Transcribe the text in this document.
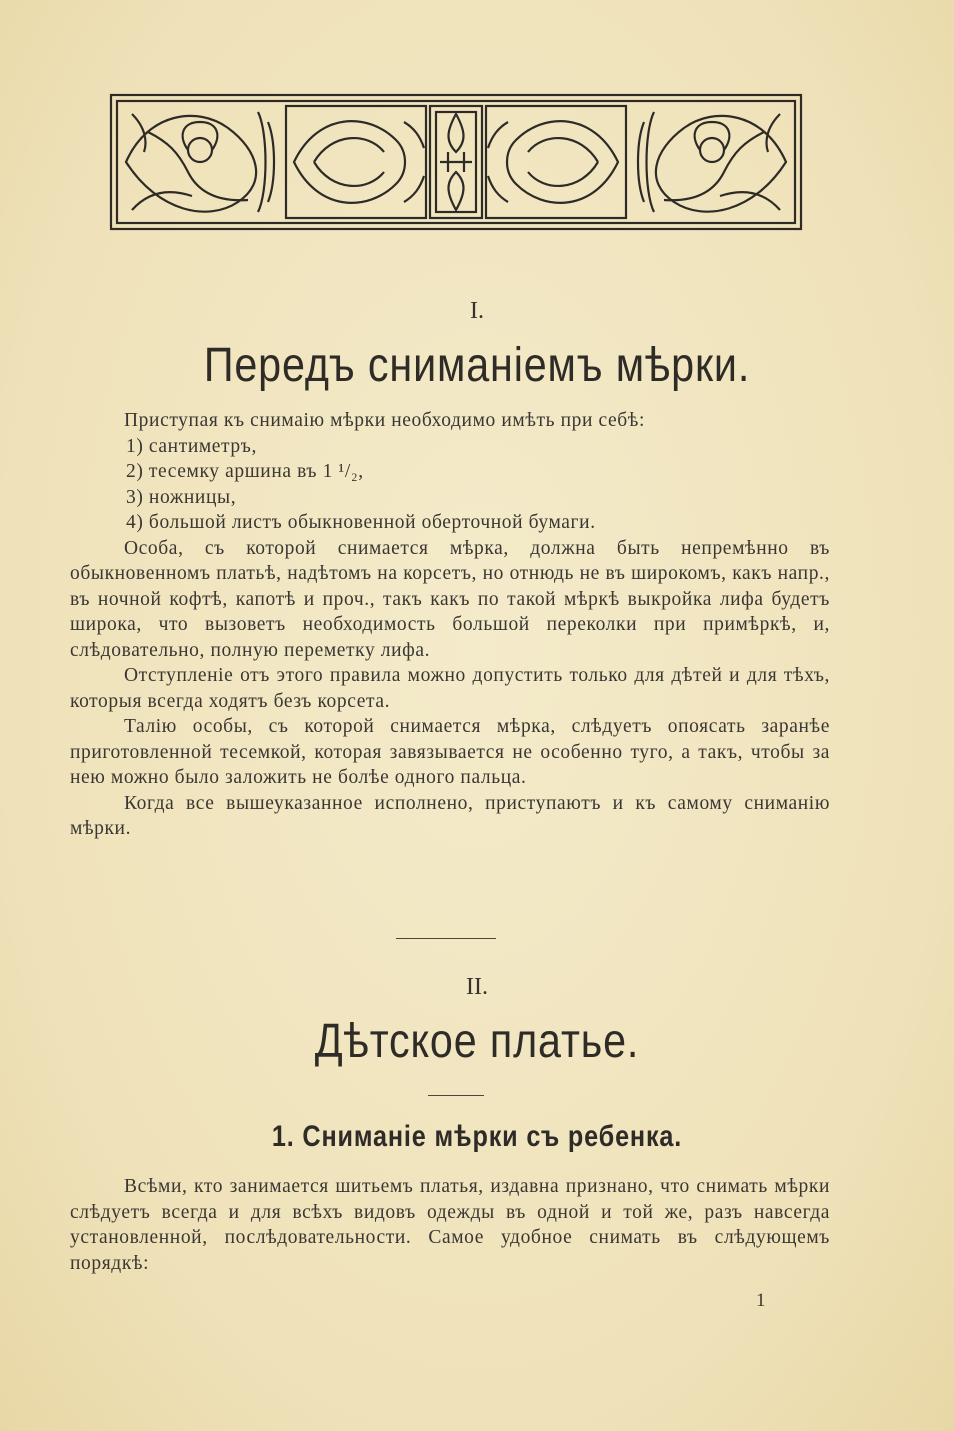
I.
Передъ сниманіемъ мѣрки.

Приступая къ снимаію мѣрки необходимо имѣть при себѣ:

1) сантиметръ,
2) тесемку аршина въ 1 ¹/₂,
3) ножницы,
4) большой листъ обыкновенной оберточной бумаги.

Особа, съ которой снимается мѣрка, должна быть непремѣнно въ обыкновенномъ платьѣ, надѣтомъ на корсетъ, но отнюдь не въ широкомъ, какъ напр., въ ночной кофтѣ, капотѣ и проч., такъ какъ по такой мѣркѣ выкройка лифа будетъ широка, что вызоветъ необходимость большой переколки при примѣркѣ, и, слѣдовательно, полную переметку лифа.

Отступленіе отъ этого правила можно допустить только для дѣтей и для тѣхъ, которыя всегда ходятъ безъ корсета.

Талію особы, съ которой снимается мѣрка, слѣдуетъ опоясать заранѣе приготовленной тесемкой, которая завязывается не особенно туго, а такъ, чтобы за нею можно было заложить не болѣе одного пальца.

Когда все вышеуказанное исполнено, приступаютъ и къ самому сниманію мѣрки.

II.
Дѣтское платье.
1. Сниманіе мѣрки съ ребенка.

Всѣми, кто занимается шитьемъ платья, издавна признано, что снимать мѣрки слѣдуетъ всегда и для всѣхъ видовъ одежды въ одной и той же, разъ навсегда установленной, послѣдовательности. Самое удобное снимать въ слѣдующемъ порядкѣ:

1
